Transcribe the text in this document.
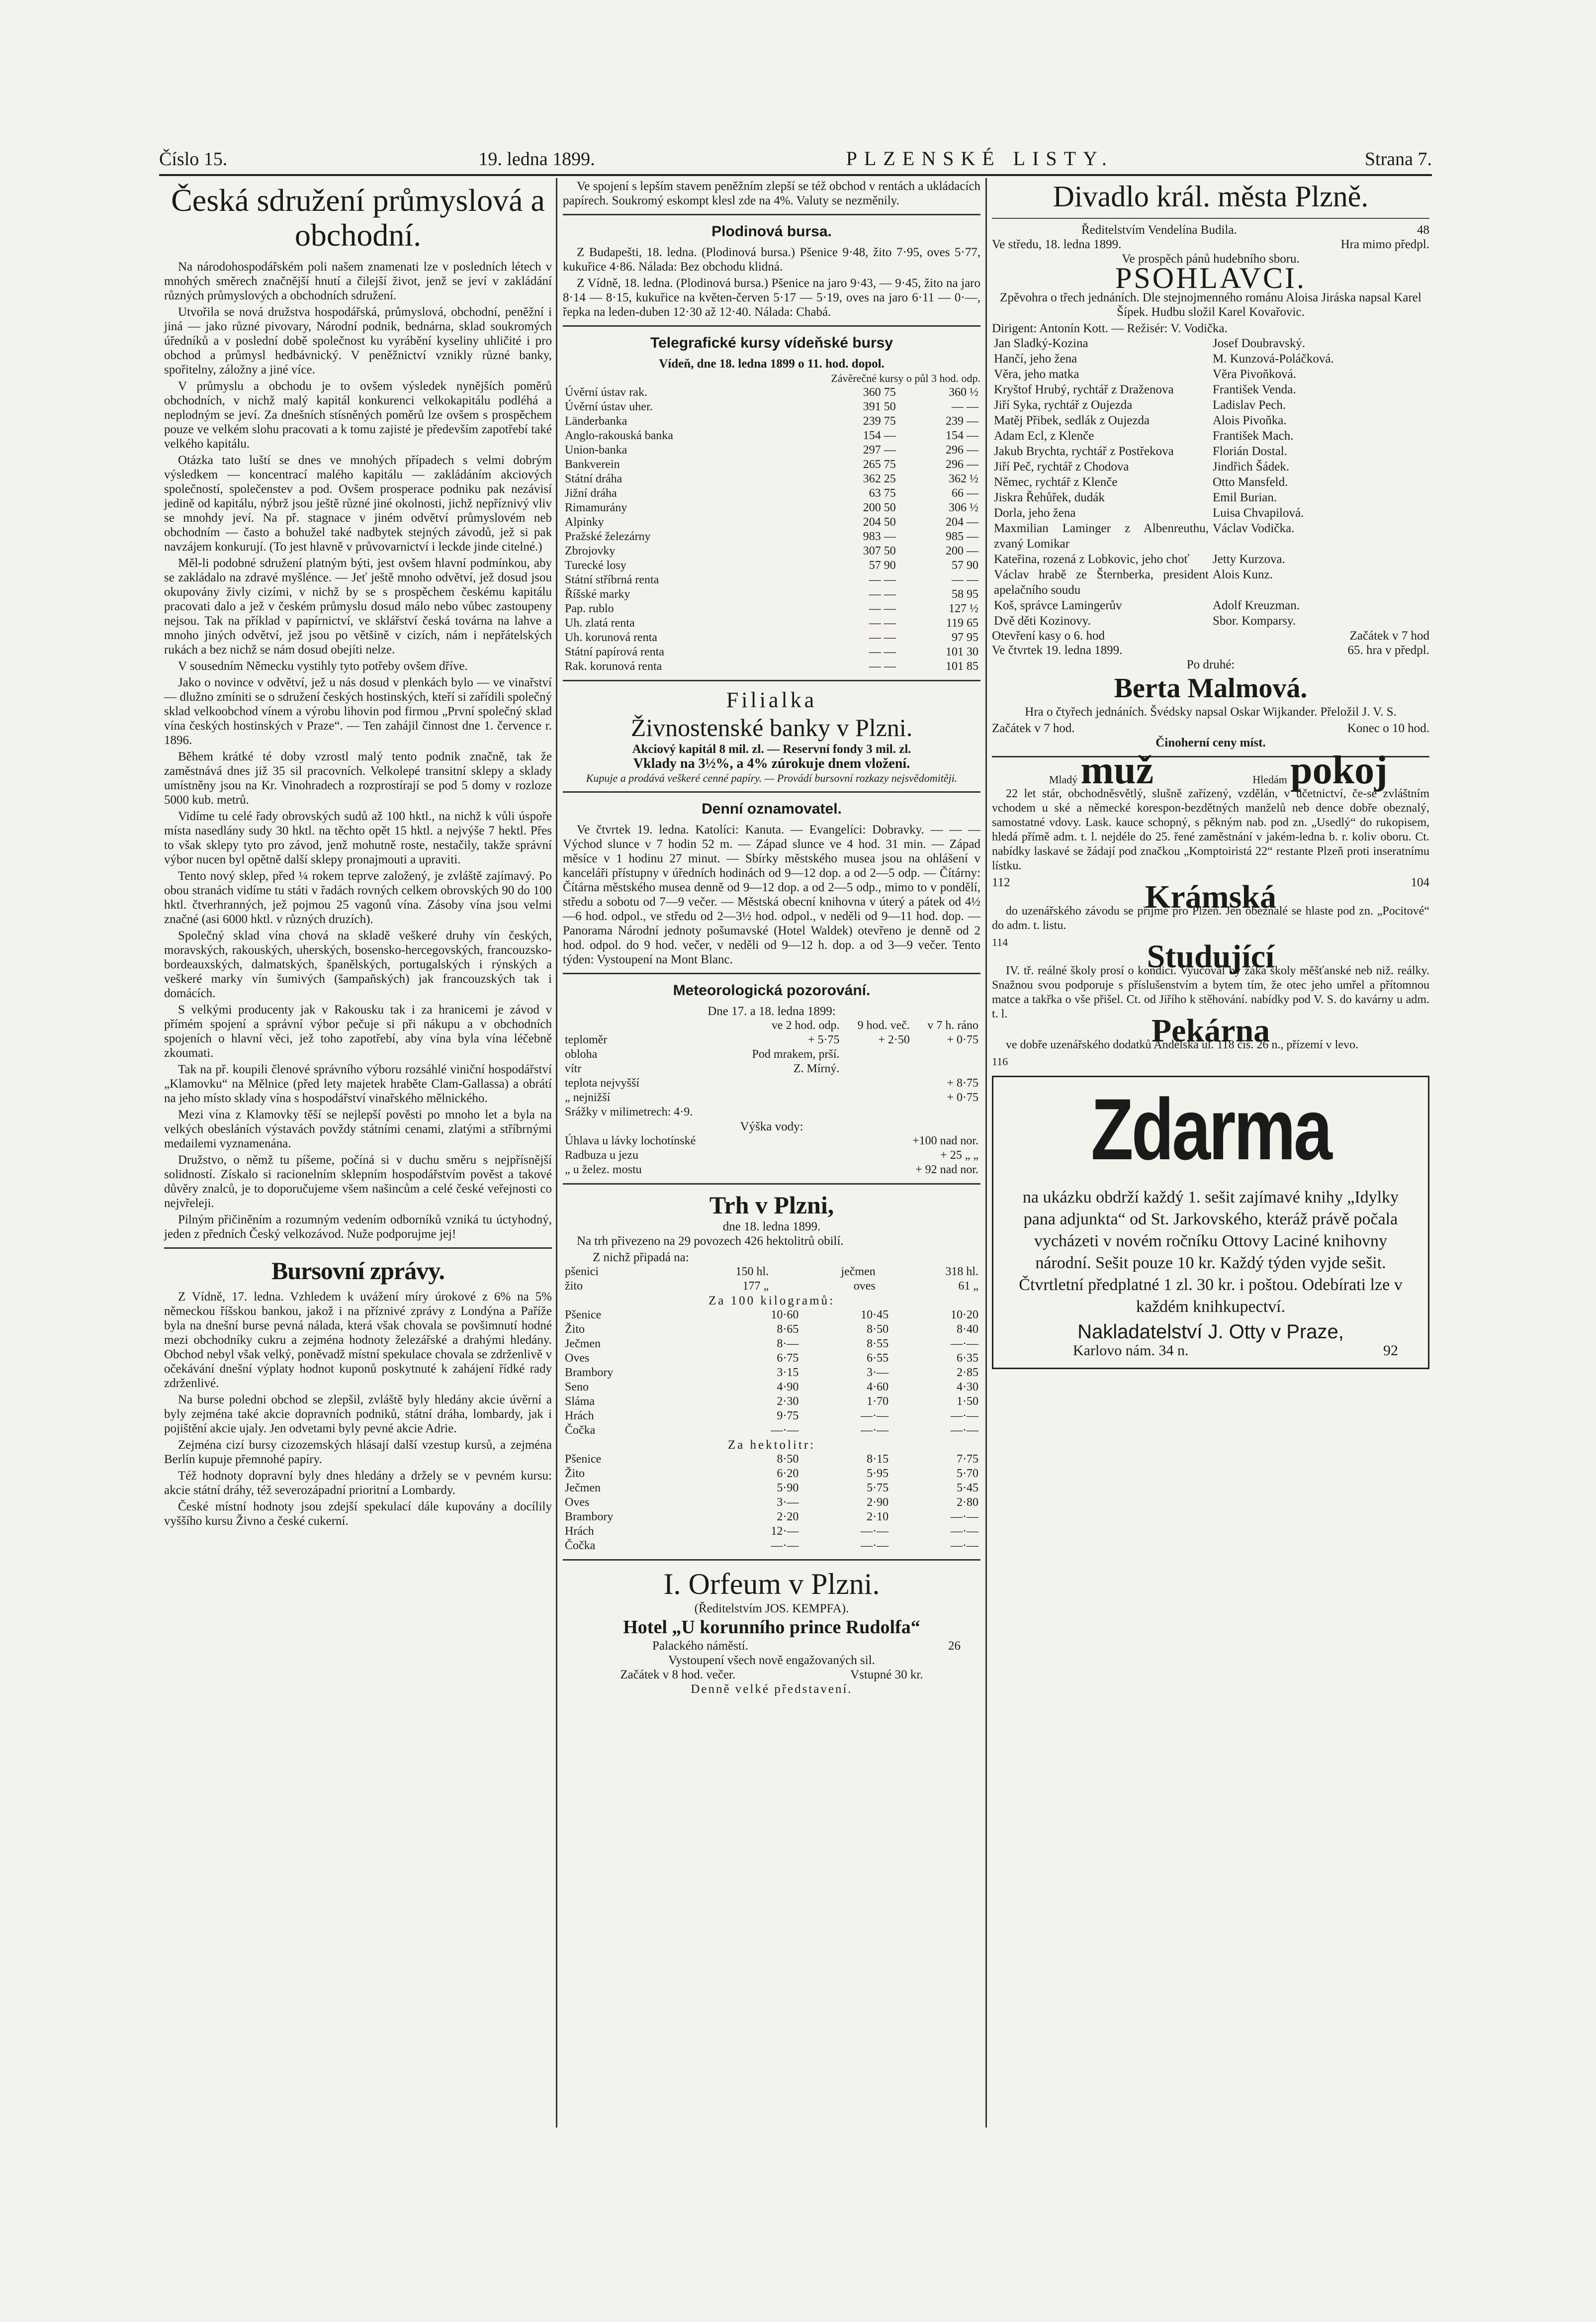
Číslo 15.	19. ledna 1899.	PLZENSKÉ LISTY.	Strana 7.
Česká sdružení průmyslová a obchodní.

Na národohospodářském poli našem znamenati lze v posledních létech v mnohých směrech značnější hnutí a čilejší život, jenž se jeví v zakládání různých průmyslových a obchodních sdružení.

Utvořila se nová družstva hospodářská, průmyslová, obchodní, peněžní i jiná — jako různé pivovary, Národní podnik, bednárna, sklad soukromých úředníků a v poslední době společnost ku vyrábění kyseliny uhličité i pro obchod a průmysl hedbávnický. V peněžnictví vznikly různé banky, spořitelny, záložny a jiné více.

V průmyslu a obchodu je to ovšem výsledek nynějších poměrů obchodních, v nichž malý kapitál konkurenci velkokapitálu podléhá a neplodným se jeví. Za dnešních stísněných poměrů lze ovšem s prospěchem pouze ve velkém slohu pracovati a k tomu zajisté je především zapotřebí také velkého kapitálu.

Otázka tato luští se dnes ve mnohých případech s velmi dobrým výsledkem — koncentrací malého kapitálu — zakládáním akciových společností, společenstev a pod. Ovšem prosperace podniku pak nezávisí jedině od kapitálu, nýbrž jsou ještě různé jiné okolnosti, jichž nepříznivý vliv se mnohdy jeví. Na př. stagnace v jiném odvětví průmyslovém neb obchodním — často a bohužel také nadbytek stejných závodů, jež si pak navzájem konkurují. (To jest hlavně v průvovarnictví i leckde jinde citelné.)

Měl-li podobné sdružení platným býti, jest ovšem hlavní podmínkou, aby se zakládalo na zdravé myšlénce. — Jeť ještě mnoho odvětví, jež dosud jsou okupovány živly cizími, v nichž by se s prospěchem českému kapitálu pracovati dalo a jež v českém průmyslu dosud málo nebo vůbec zastoupeny nejsou. Tak na příklad v papírnictví, ve sklářství česká továrna na lahve a mnoho jiných odvětví, jež jsou po většině v cizích, nám i nepřátelských rukách a bez nichž se nám dosud obejíti nelze.

V sousedním Německu vystihly tyto potřeby ovšem dříve.

Jako o novince v odvětví, jež u nás dosud v plenkách bylo — ve vinařství — dlužno zmíniti se o sdružení českých hostinských, kteří si zařídili společný sklad velkoobchod vínem a výrobu lihovin pod firmou „První společný sklad vína českých hostinských v Praze“. — Ten zahájil činnost dne 1. července r. 1896.

Během krátké té doby vzrostl malý tento podnik značně, tak že zaměstnává dnes již 35 sil pracovních. Velkolepé transitní sklepy a sklady umístněny jsou na Kr. Vinohradech a rozprostírají se pod 5 domy v rozloze 5000 kub. metrů.

Vidíme tu celé řady obrovských sudů až 100 hktl., na nichž k vůli úspoře místa nasedlány sudy 30 hktl. na těchto opět 15 hktl. a nejvýše 7 hektl. Přes to však sklepy tyto pro závod, jenž mohutně roste, nestačily, takže správní výbor nucen byl opětně další sklepy pronajmouti a upraviti.

Tento nový sklep, před ¼ rokem teprve založený, je zvláště zajímavý. Po obou stranách vidíme tu státi v řadách rovných celkem obrovských 90 do 100 hktl. čtverhranných, jež pojmou 25 vagonů vína. Zásoby vína jsou velmi značné (asi 6000 hktl. v různých druzích).

Společný sklad vína chová na skladě veškeré druhy vín českých, moravských, rakouských, uherských, bosensko-hercegovských, francouzsko-bordeauxských, dalmatských, španělských, portugalských i rýnských a veškeré marky vín šumivých (šampaňských) jak francouzských tak i domácích.

S velkými producenty jak v Rakousku tak i za hranicemi je závod v přímém spojení a správní výbor pečuje si při nákupu a v obchodních spojeních o hlavní věci, jež toho zapotřebí, aby vína byla vína léčebně zkoumati.

Tak na př. koupili členové správního výboru rozsáhlé viniční hospodářství „Klamovku“ na Mělnice (před lety majetek hraběte Clam-Gallassa) a obrátí na jeho místo sklady vína s hospodářství vinařského mělnického.

Mezi vína z Klamovky těší se nejlepší pověsti po mnoho let a byla na velkých obesláních výstavách povždy státními cenami, zlatými a stříbrnými medailemi vyznamenána.

Družstvo, o němž tu píšeme, počíná si v duchu směru s nejpřísnější solidností. Získalo si racionelním sklepním hospodářstvím pověst a takové důvěry znalců, je to doporučujeme všem našincům a celé české veřejnosti co nejvřeleji.

Pilným přičiněním a rozumným vedením odborníků vzniká tu úctyhodný, jeden z předních Český velkozávod. Nuže podporujme jej!

Bursovní zprávy.

Z Vídně, 17. ledna. Vzhledem k uvážení míry úrokové z 6% na 5% německou říšskou bankou, jakož i na příznivé zprávy z Londýna a Paříže byla na dnešní burse pevná nálada, která však chovala se povšimnutí hodné mezi obchodníky cukru a zejména hodnoty železářské a drahými hledány. Obchod nebyl však velký, poněvadž místní spekulace chovala se zdrženlivě v očekávání dnešní výplaty hodnot kuponů poskytnuté k zahájení řídké rady zdrženlivé.

Na burse poledni obchod se zlepšil, zvláště byly hledány akcie úvěrní a byly zejména také akcie dopravních podniků, státní dráha, lombardy, jak i pojištění akcie ujaly. Jen odvetami byly pevné akcie Adrie.

Zejména cizí bursy cizozemských hlásají další vzestup kursů, a zejména Berlín kupuje přemnohé papíry.

Též hodnoty dopravní byly dnes hledány a držely se v pevném kursu: akcie státní dráhy, též severozápadní prioritní a Lombardy.

České místní hodnoty jsou zdejší spekulací dále kupovány a docílily vyššího kursu Živno a české cukerní.

Ve spojení s lepším stavem peněžním zlepší se též obchod v rentách a ukládacích papírech. Soukromý eskompt klesl zde na 4%. Valuty se nezměnily.

Plodinová bursa.

Z Budapešti, 18. ledna. (Plodinová bursa.) Pšenice 9·48, žito 7·95, oves 5·77, kukuřice 4·86. Nálada: Bez obchodu klidná.

Z Vídně, 18. ledna. (Plodinová bursa.) Pšenice na jaro 9·43, — 9·45, žito na jaro 8·14 — 8·15, kukuřice na květen-červen 5·17 — 5·19, oves na jaro 6·11 — 0·—, řepka na leden-duben 12·30 až 12·40. Nálada: Chabá.

Telegrafické kursy vídeňské bursy
Vídeň, dne 18. ledna 1899 o 11. hod. dopol.
Závěrečné kursy o půl 3 hod. odp.
Úvěrní ústav rak.	360 75	360 ½
Úvěrní ústav uher.	391 50	— —
Länderbanka	239 75	239 —
Anglo-rakouská banka	154 —	154 —
Union-banka	297 —	296 —
Bankverein	265 75	296 —
Státní dráha	362 25	362 ½
Jižní dráha	63 75	66 —
Rimamurány	200 50	306 ½
Alpinky	204 50	204 —
Pražské železárny	983 —	985 —
Zbrojovky	307 50	200 —
Turecké losy	57 90	57 90
Státní stříbrná renta	— —	— —
Říšské marky	— —	58 95
Pap. rublo	— —	127 ½
Uh. zlatá renta	— —	119 65
Uh. korunová renta	— —	97 95
Státní papírová renta	— —	101 30
Rak. korunová renta	— —	101 85
Filialka
Živnostenské banky v Plzni.
Akciový kapitál 8 mil. zl. — Reservní fondy 3 mil. zl.
Vklady na 3½%, a 4% zúrokuje dnem vložení.
Kupuje a prodává veškeré cenné papíry. — Provádí bursovní rozkazy nejsvědomitěji.
Denní oznamovatel.

Ve čtvrtek 19. ledna. Katolíci: Kanuta. — Evangelíci: Dobravky. — — — Východ slunce v 7 hodin 52 m. — Západ slunce ve 4 hod. 31 min. — Západ měsíce v 1 hodinu 27 minut. — Sbírky městského musea jsou na ohlášení v kanceláři přístupny v úředních hodinách od 9—12 dop. a od 2—5 odp. — Čítárny: Čítárna městského musea denně od 9—12 dop. a od 2—5 odp., mimo to v pondělí, středu a sobotu od 7—9 večer. — Městská obecní knihovna v úterý a pátek od 4½—6 hod. odpol., ve středu od 2—3½ hod. odpol., v neděli od 9—11 hod. dop. — Panorama Národní jednoty pošumavské (Hotel Waldek) otevřeno je denně od 2 hod. odpol. do 9 hod. večer, v neděli od 9—12 h. dop. a od 3—9 večer. Tento týden: Vystoupení na Mont Blanc.

Meteorologická pozorování.
Dne 17. a 18. ledna 1899:
	ve 2 hod. odp.	9 hod. več.	v 7 h. ráno
teploměr	+ 5·75	+ 2·50	+ 0·75
obloha	Pod mrakem, prší.		
vítr	Z. Mírný.		
teplota nejvyšší			+ 8·75
„ nejnižší			+ 0·75
Srážky v milimetrech: 4·9.			
Výška vody:
Úhlava u lávky lochotínské	+100 nad nor.
Radbuza u jezu	+ 25 „ „
„ u želez. mostu	+ 92 nad nor.
Trh v Plzni,
dne 18. ledna 1899.

Na trh přivezeno na 29 povozech 426 hektolitrů obilí.

Z nichž připadá na:
pšenici	150 hl.	ječmen	318 hl.
žito	177 „	oves	61 „
Za 100 kilogramů:
Pšenice	10·60	10·45	10·20
Žito	8·65	8·50	8·40
Ječmen	8·—	8·55	—·—
Oves	6·75	6·55	6·35
Brambory	3·15	3·—	2·85
Seno	4·90	4·60	4·30
Sláma	2·30	1·70	1·50
Hrách	9·75	—·—	—·—
Čočka	—·—	—·—	—·—
Za hektolitr:
Pšenice	8·50	8·15	7·75
Žito	6·20	5·95	5·70
Ječmen	5·90	5·75	5·45
Oves	3·—	2·90	2·80
Brambory	2·20	2·10	—·—
Hrách	12·—	—·—	—·—
Čočka	—·—	—·—	—·—
I. Orfeum v Plzni.
(Ředitelstvím JOS. KEMPFA).
Hotel „U korunního prince Rudolfa“
Palackého náměstí.	26
Vystoupení všech nově engažovaných sil.
Začátek v 8 hod. večer.	Vstupné 30 kr.
Denně velké představení.
Divadlo král. města Plzně.
Ředitelstvím Vendelína Budila.	48
Ve středu, 18. ledna 1899.	Hra mimo předpl.
Ve prospěch pánů hudebního sboru.
PSOHLAVCI.

Zpěvohra o třech jednáních. Dle stejnojmenného románu Aloisa Jiráska napsal Karel Šípek. Hudbu složil Karel Kovařovic.

Dirigent: Antonín Kott. — Režisér: V. Vodička.
Jan Sladký-Kozina	Josef Doubravský.
Hančí, jeho žena	M. Kunzová-Poláčková.
Věra, jeho matka	Věra Pivoňková.
Kryštof Hrubý, rychtář z Draženova	František Venda.
Jiří Syka, rychtář z Oujezda	Ladislav Pech.
Matěj Přibek, sedlák z Oujezda	Alois Pivoňka.
Adam Ecl, z Klenče	František Mach.
Jakub Brychta, rychtář z Postřekova	Florián Dostal.
Jiří Peč, rychtář z Chodova	Jindřich Šádek.
Němec, rychtář z Klenče	Otto Mansfeld.
Jiskra Řehůřek, dudák	Emil Burian.
Dorla, jeho žena	Luisa Chvapilová.
Maxmilian Laminger z Albenreuthu, zvaný Lomikar	Václav Vodička.
Kateřina, rozená z Lobkovic, jeho choť	Jetty Kurzova.
Václav hrabě ze Šternberka, president apelačního soudu	Alois Kunz.
Koš, správce Lamingerův	Adolf Kreuzman.
Dvě děti Kozinovy.	Sbor. Komparsy.
Otevření kasy o 6. hod	Začátek v 7 hod
Ve čtvrtek 19. ledna 1899.	65. hra v předpl.
Po druhé:
Berta Malmová.

Hra o čtyřech jednáních. Švédsky napsal Oskar Wijkander. Přeložil J. V. S.

Začátek v 7 hod.	Konec o 10 hod.
Činoherní ceny míst.
Mladý muž	Hledám pokoj

22 let stár, obchodněsvětlý, slušně zařízený, vzdělán, v účetnictví, če-se zvláštním vchodem u ské a německé korespon-bezdětných manželů neb dence dobře obeznalý, samostatné vdovy. Lask. kauce schopný, s pěkným nab. pod zn. „Usedlý“ do rukopisem, hledá přímě adm. t. l. nejdéle do 25. řené zaměstnání v jakém-ledna b. r. koliv oboru. Ct. nabídky laskavé se žádají pod značkou „Komptoiristá 22“ restante Plzeň proti inseratnímu lístku.

112	104
Krámská

do uzenářského závodu se přijme pro Plzeň. Jen obeznalé se hlaste pod zn. „Pocitové“ do adm. t. listu.

114	Studující

IV. tř. reálné školy prosí o kondici. Vyučoval by žáka školy měšťanské neb niž. reálky. Snažnou svou podporuje s příslušenstvím a bytem tím, že otec jeho umřel a přítomnou matce a takřka o vše přišel. Ct. od Jiřího k stěhování. nabídky pod V. S. do kavárny u adm. t. l.	Pekárna

ve dobře uzenářského dodatků Andělská ul. 118 čís. 26 n., přízemí v levo.

116
Zdarma
na ukázku obdrží každý 1. sešit zajímavé knihy „Idylky pana adjunkta“ od St. Jarkovského, kteráž právě počala vycházeti v novém ročníku Ottovy Laciné knihovny národní. Sešit pouze 10 kr. Každý týden vyjde sešit. Čtvrtletní předplatné 1 zl. 30 kr. i poštou. Odebírati lze v každém knihkupectví.
Nakladatelství J. Otty v Praze,
Karlovo nám. 34 n.	92
